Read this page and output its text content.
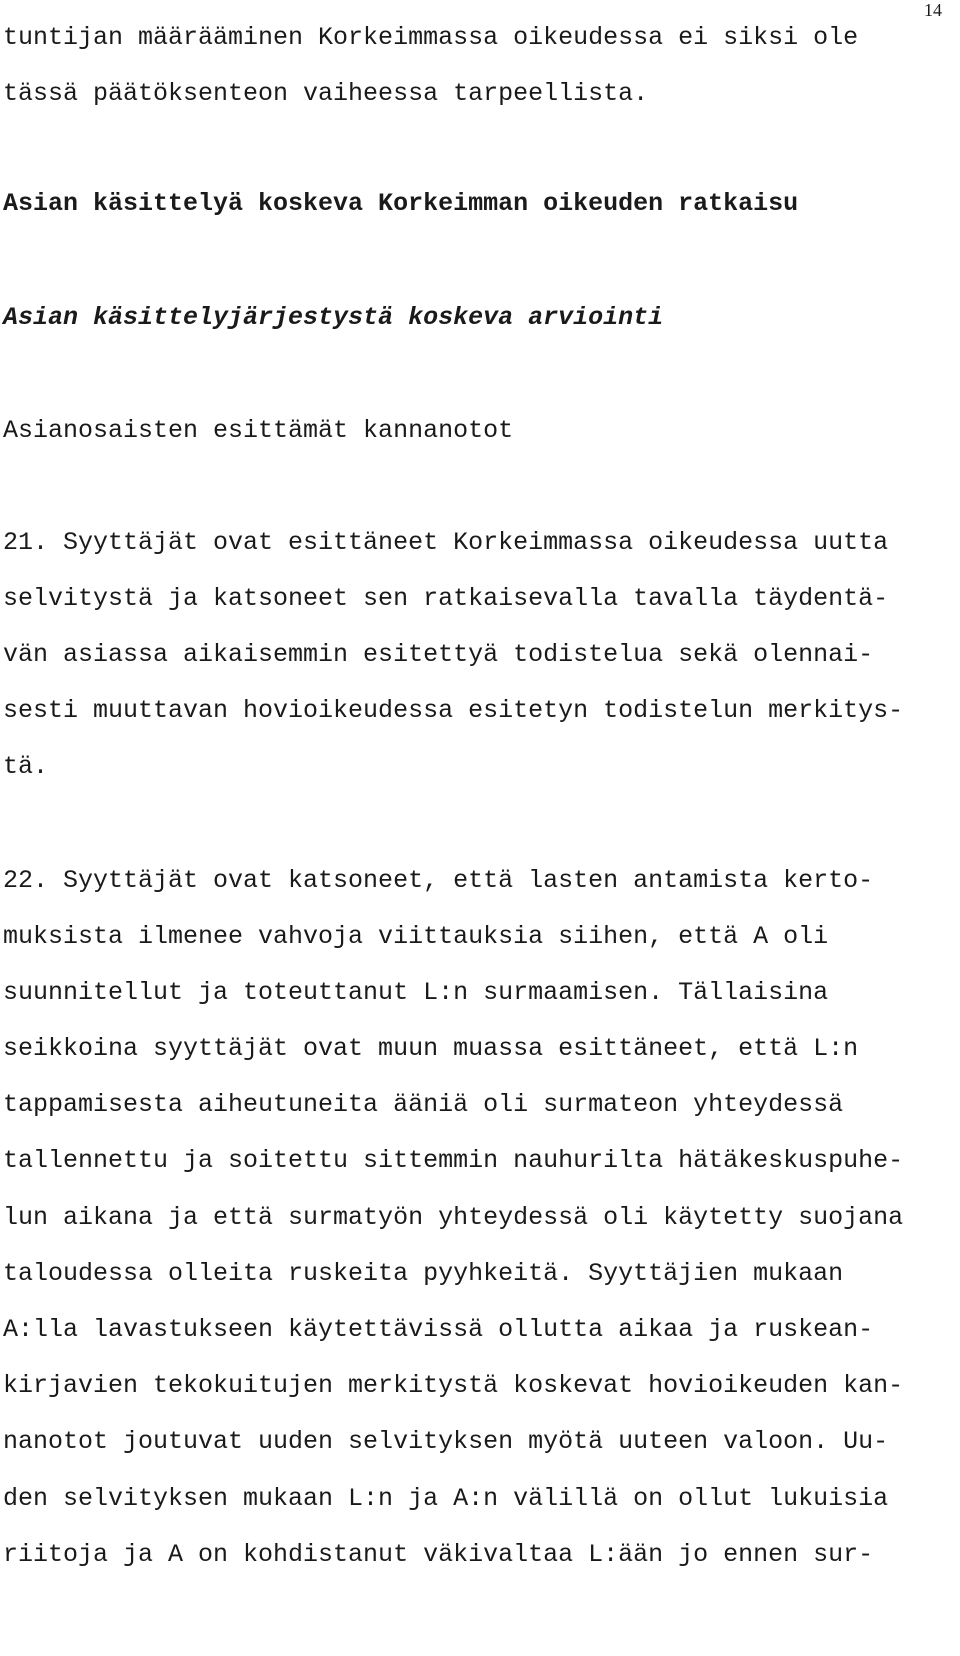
14

tuntijan määrääminen Korkeimmassa oikeudessa ei siksi ole

tässä päätöksenteon vaiheessa tarpeellista.

Asian käsittelyä koskeva Korkeimman oikeuden ratkaisu
Asian käsittelyjärjestystä koskeva arviointi
Asianosaisten esittämät kannanotot

21. Syyttäjät ovat esittäneet Korkeimmassa oikeudessa uutta

selvitystä ja katsoneet sen ratkaisevalla tavalla täydentä-

vän asiassa aikaisemmin esitettyä todistelua sekä olennai-

sesti muuttavan hovioikeudessa esitetyn todistelun merkitys-

tä.

22. Syyttäjät ovat katsoneet, että lasten antamista kerto-

muksista ilmenee vahvoja viittauksia siihen, että A oli

suunnitellut ja toteuttanut L:n surmaamisen. Tällaisina

seikkoina syyttäjät ovat muun muassa esittäneet, että L:n

tappamisesta aiheutuneita ääniä oli surmateon yhteydessä

tallennettu ja soitettu sittemmin nauhurilta hätäkeskuspuhe-

lun aikana ja että surmatyön yhteydessä oli käytetty suojana

taloudessa olleita ruskeita pyyhkeitä. Syyttäjien mukaan

A:lla lavastukseen käytettävissä ollutta aikaa ja ruskean-

kirjavien tekokuitujen merkitystä koskevat hovioikeuden kan-

nanotot joutuvat uuden selvityksen myötä uuteen valoon. Uu-

den selvityksen mukaan L:n ja A:n välillä on ollut lukuisia

riitoja ja A on kohdistanut väkivaltaa L:ään jo ennen sur-
